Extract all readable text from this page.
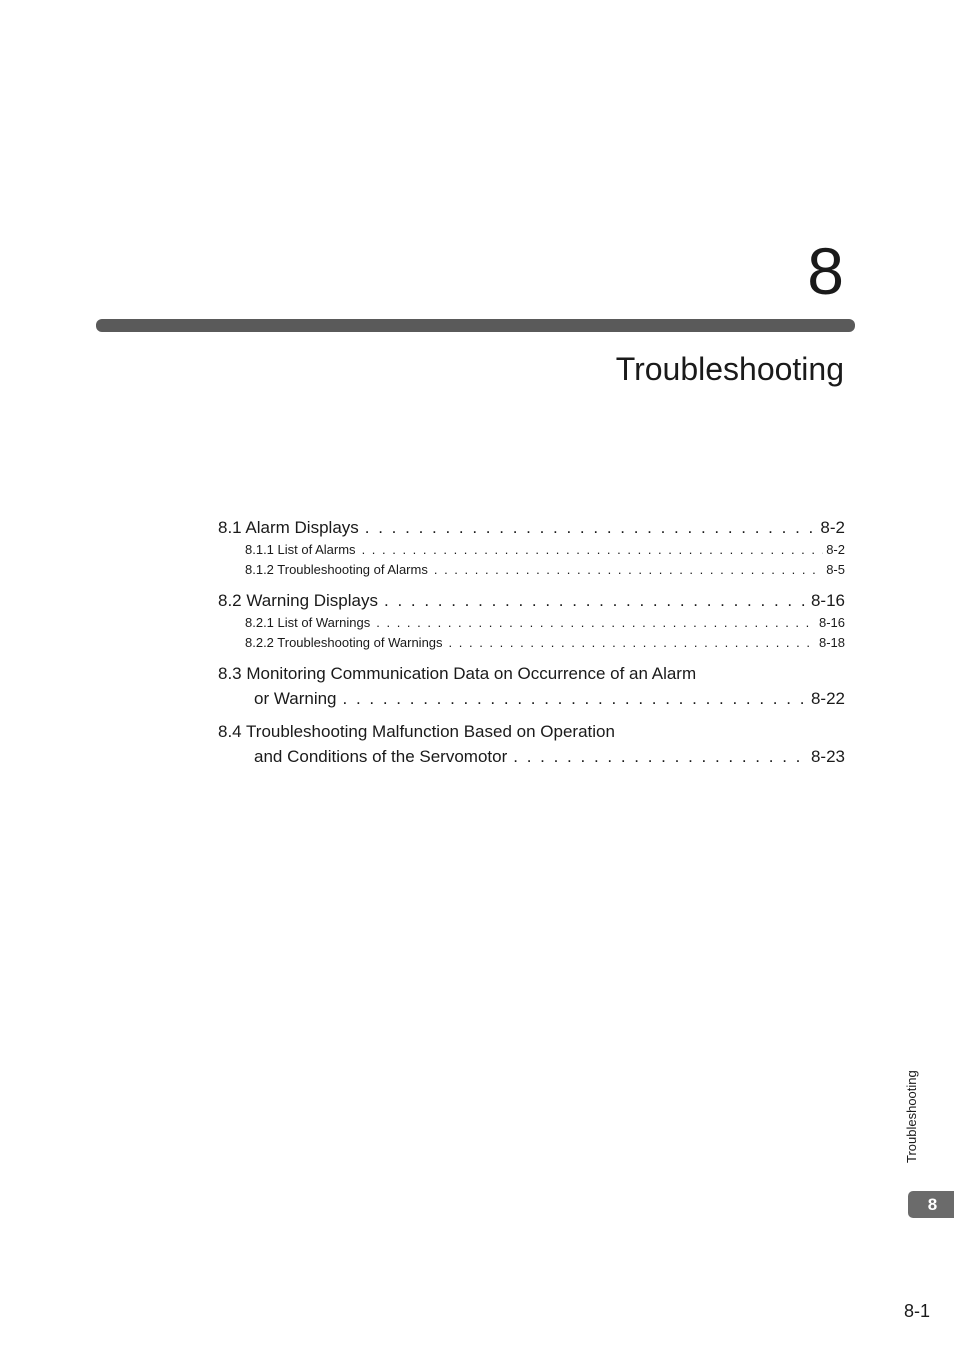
8
Troubleshooting
8.1 Alarm Displays . . .	8-2
8.1.1 List of Alarms . . .	8-2
8.1.2 Troubleshooting of Alarms . . .	8-5
8.2 Warning Displays . . .	8-16
8.2.1 List of Warnings . . .	8-16
8.2.2 Troubleshooting of Warnings . . .	8-18
8.3 Monitoring Communication Data on Occurrence of an Alarm
or Warning . . .	8-22
8.4 Troubleshooting Malfunction Based on Operation
and Conditions of the Servomotor . . .	8-23
Troubleshooting
8
8-1
